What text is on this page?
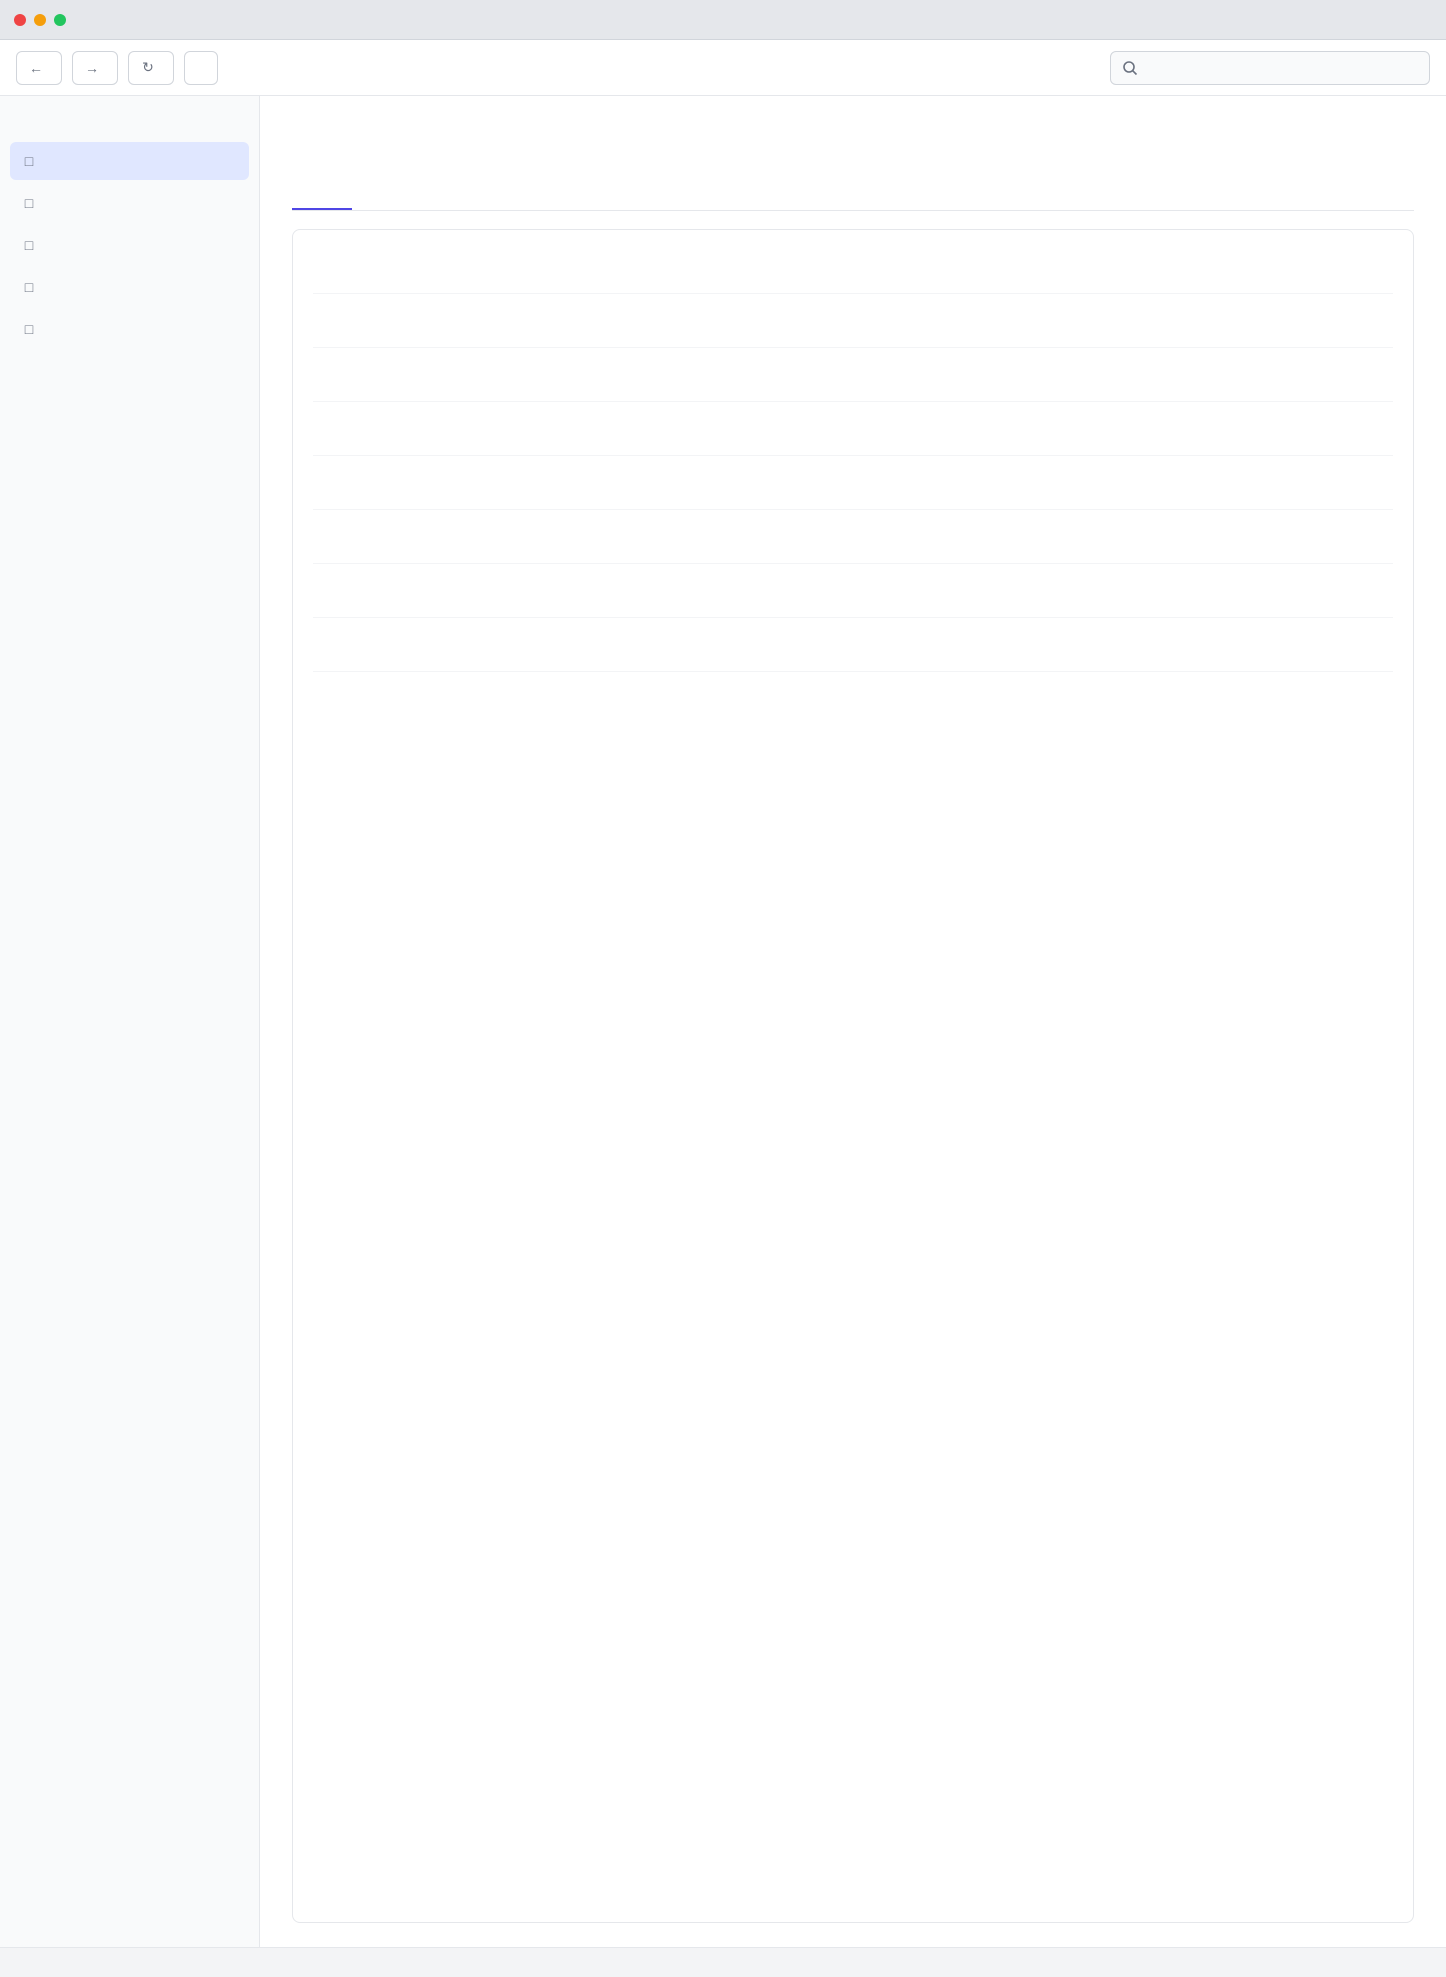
←	→	↻
□
□
□
□
□
